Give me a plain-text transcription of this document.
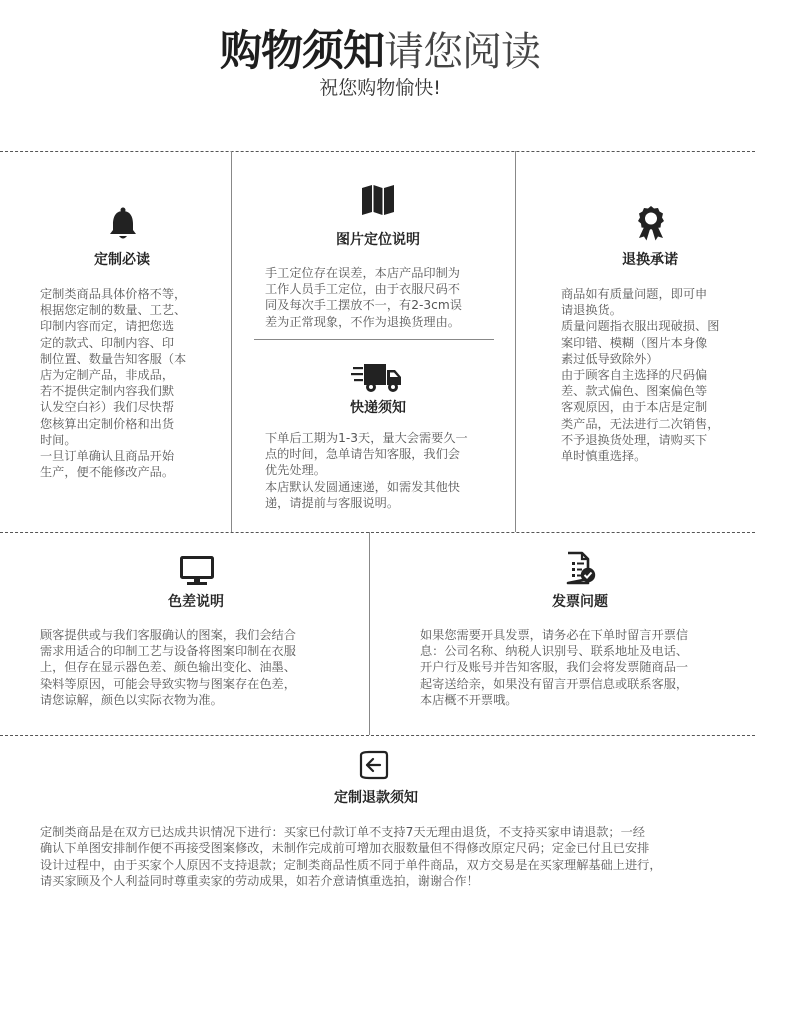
购物须知请您阅读
祝您购物愉快!
定制必读
定制类商品具体价格不等，
根据您定制的数量、工艺、
印制内容而定，请把您选
定的款式、印制内容、印
制位置、数量告知客服（本
店为定制产品，非成品，
若不提供定制内容我们默
认发空白衫）我们尽快帮
您核算出定制价格和出货
时间。
一旦订单确认且商品开始
生产，便不能修改产品。
图片定位说明
手工定位存在误差，本店产品印制为
工作人员手工定位，由于衣服尺码不
同及每次手工摆放不一，有2-3cm误
差为正常现象，不作为退换货理由。
快递须知
下单后工期为1-3天，量大会需要久一
点的时间，急单请告知客服，我们会
优先处理。
本店默认发圆通速递，如需发其他快
递，请提前与客服说明。
退换承诺
商品如有质量问题，即可申
请退换货。
质量问题指衣服出现破损、图
案印错、模糊（图片本身像
素过低导致除外）
由于顾客自主选择的尺码偏
差、款式偏色、图案偏色等
客观原因，由于本店是定制
类产品，无法进行二次销售，
不予退换货处理，请购买下
单时慎重选择。
色差说明
顾客提供或与我们客服确认的图案，我们会结合
需求用适合的印制工艺与设备将图案印制在衣服
上，但存在显示器色差、颜色输出变化、油墨、
染料等原因，可能会导致实物与图案存在色差，
请您谅解，颜色以实际衣物为准。
发票问题
如果您需要开具发票，请务必在下单时留言开票信
息：公司名称、纳税人识别号、联系地址及电话、
开户行及账号并告知客服，我们会将发票随商品一
起寄送给亲，如果没有留言开票信息或联系客服，
本店概不开票哦。
定制退款须知
定制类商品是在双方已达成共识情况下进行：买家已付款订单不支持7天无理由退货，不支持买家申请退款；一经
确认下单图安排制作便不再接受图案修改，未制作完成前可增加衣服数量但不得修改原定尺码；定金已付且已安排
设计过程中，由于买家个人原因不支持退款；定制类商品性质不同于单件商品，双方交易是在买家理解基础上进行，
请买家顾及个人利益同时尊重卖家的劳动成果，如若介意请慎重选拍，谢谢合作！
